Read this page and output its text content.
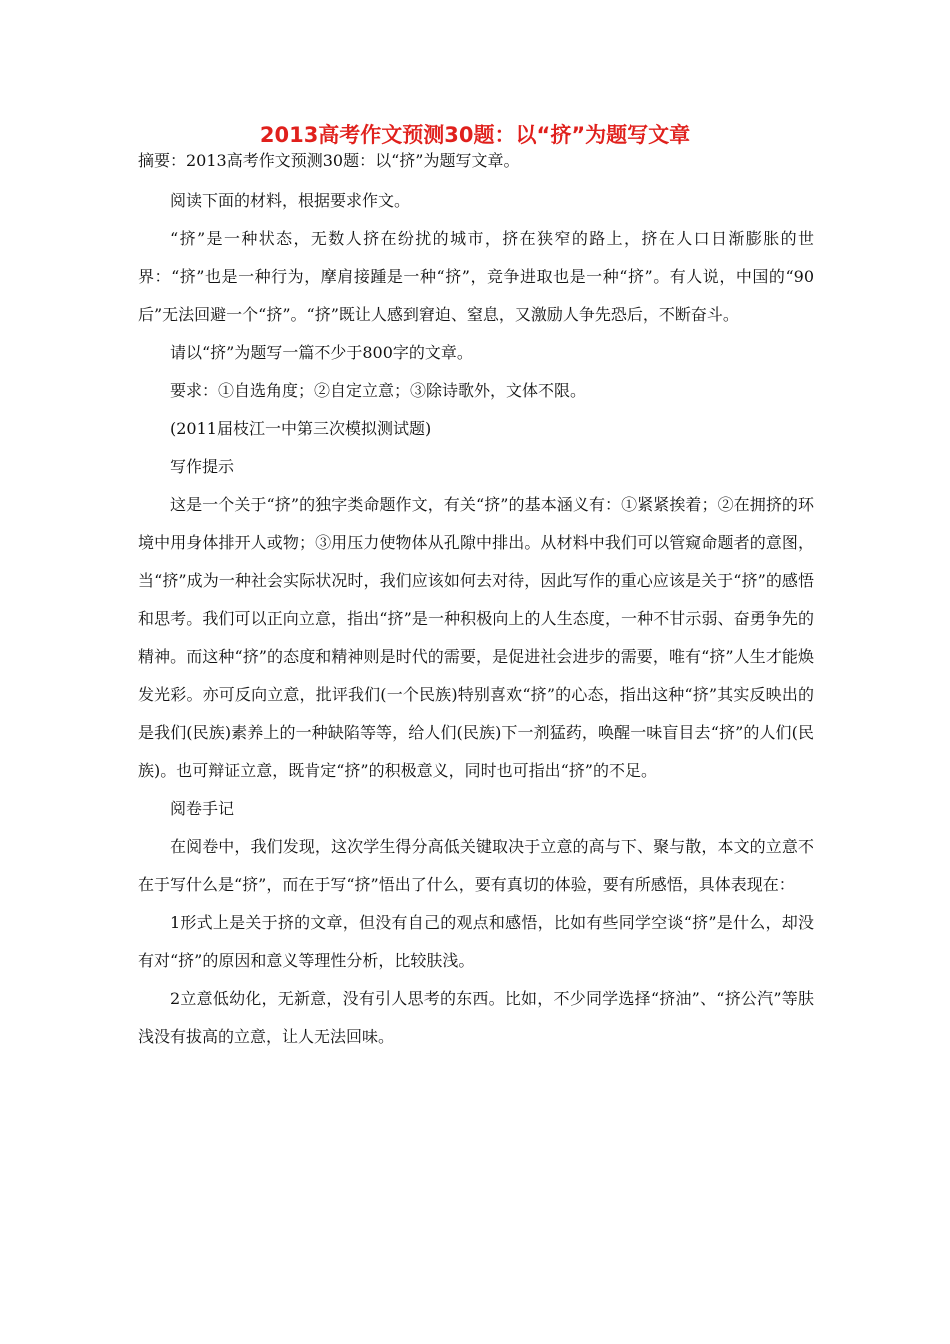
2013高考作文预测30题：以“挤”为题写文章

摘要：2013高考作文预测30题：以“挤”为题写文章。

阅读下面的材料，根据要求作文。

“挤”是一种状态，无数人挤在纷扰的城市，挤在狭窄的路上，挤在人口日渐膨胀的世界：“挤”也是一种行为，摩肩接踵是一种“挤”，竞争进取也是一种“挤”。有人说，中国的“90后”无法回避一个“挤”。“挤”既让人感到窘迫、窒息，又激励人争先恐后，不断奋斗。

请以“挤”为题写一篇不少于800字的文章。

要求：①自选角度；②自定立意；③除诗歌外，文体不限。

(2011届枝江一中第三次模拟测试题)

写作提示

这是一个关于“挤”的独字类命题作文，有关“挤”的基本涵义有：①紧紧挨着；②在拥挤的环境中用身体排开人或物；③用压力使物体从孔隙中排出。从材料中我们可以管窥命题者的意图，当“挤”成为一种社会实际状况时，我们应该如何去对待，因此写作的重心应该是关于“挤”的感悟和思考。我们可以正向立意，指出“挤”是一种积极向上的人生态度，一种不甘示弱、奋勇争先的精神。而这种“挤”的态度和精神则是时代的需要，是促进社会进步的需要，唯有“挤”人生才能焕发光彩。亦可反向立意，批评我们(一个民族)特别喜欢“挤”的心态，指出这种“挤”其实反映出的是我们(民族)素养上的一种缺陷等等，给人们(民族)下一剂猛药，唤醒一味盲目去“挤”的人们(民族)。也可辩证立意，既肯定“挤”的积极意义，同时也可指出“挤”的不足。

阅卷手记

在阅卷中，我们发现，这次学生得分高低关键取决于立意的高与下、聚与散，本文的立意不在于写什么是“挤”，而在于写“挤”悟出了什么，要有真切的体验，要有所感悟，具体表现在：

1形式上是关于挤的文章，但没有自己的观点和感悟，比如有些同学空谈“挤”是什么，却没有对“挤”的原因和意义等理性分析，比较肤浅。

2立意低幼化，无新意，没有引人思考的东西。比如，不少同学选择“挤油”、“挤公汽”等肤浅没有拔高的立意，让人无法回味。
